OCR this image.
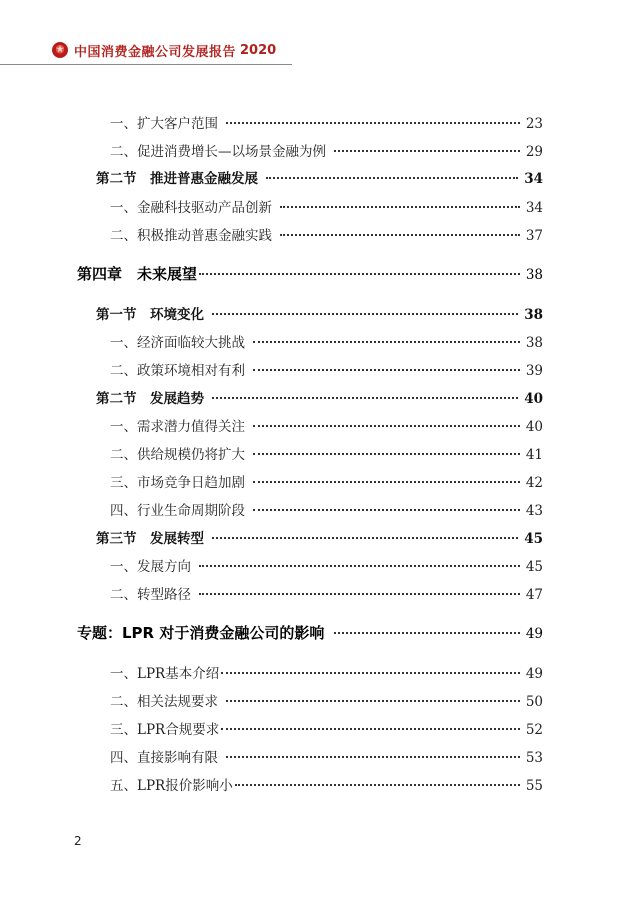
中国消费金融公司发展报告 2020
一、扩大客户范围	23
二、促进消费增长—以场景金融为例	29
第二节　推进普惠金融发展	34
一、金融科技驱动产品创新	34
二、积极推动普惠金融实践	37
第四章　未来展望	38
第一节　环境变化	38
一、经济面临较大挑战	38
二、政策环境相对有利	39
第二节　发展趋势	40
一、需求潜力值得关注	40
二、供给规模仍将扩大	41
三、市场竞争日趋加剧	42
四、行业生命周期阶段	43
第三节　发展转型	45
一、发展方向	45
二、转型路径	47
专题：LPR 对于消费金融公司的影响	49
一、LPR基本介绍	49
二、相关法规要求	50
三、LPR合规要求	52
四、直接影响有限	53
五、LPR报价影响小	55
2
